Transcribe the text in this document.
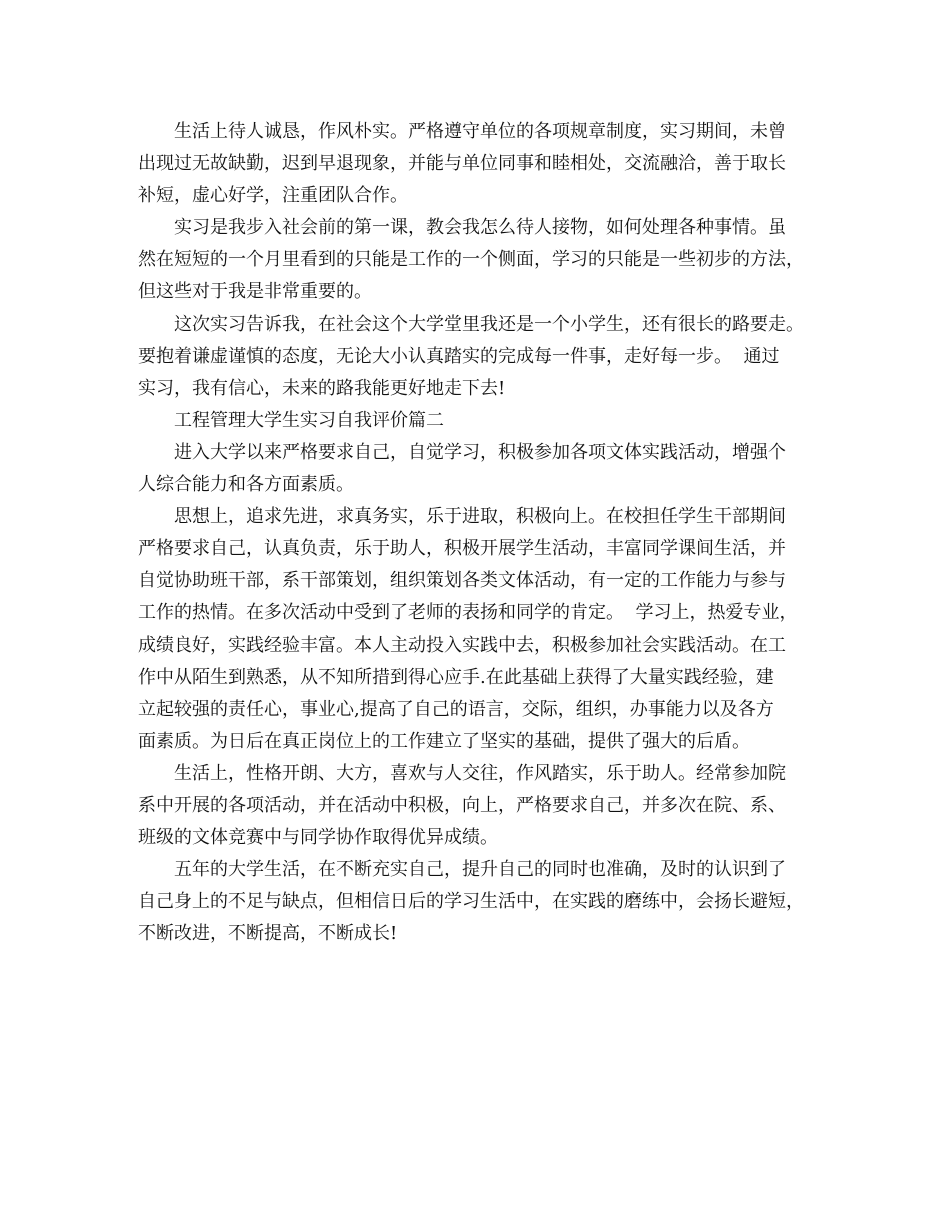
生活上待人诚恳，作风朴实。严格遵守单位的各项规章制度，实习期间，未曾
出现过无故缺勤，迟到早退现象，并能与单位同事和睦相处，交流融洽，善于取长
补短，虚心好学，注重团队合作。
实习是我步入社会前的第一课，教会我怎么待人接物，如何处理各种事情。虽
然在短短的一个月里看到的只能是工作的一个侧面，学习的只能是一些初步的方法，
但这些对于我是非常重要的。
这次实习告诉我，在社会这个大学堂里我还是一个小学生，还有很长的路要走。
要抱着谦虚谨慎的态度，无论大小认真踏实的完成每一件事，走好每一步。  通过
实习，我有信心，未来的路我能更好地走下去!
工程管理大学生实习自我评价篇二
进入大学以来严格要求自己，自觉学习，积极参加各项文体实践活动，增强个
人综合能力和各方面素质。
思想上，追求先进，求真务实，乐于进取，积极向上。在校担任学生干部期间
严格要求自己，认真负责，乐于助人，积极开展学生活动，丰富同学课间生活，并
自觉协助班干部，系干部策划，组织策划各类文体活动，有一定的工作能力与参与
工作的热情。在多次活动中受到了老师的表扬和同学的肯定。  学习上，热爱专业，
成绩良好，实践经验丰富。本人主动投入实践中去，积极参加社会实践活动。在工
作中从陌生到熟悉，从不知所措到得心应手.在此基础上获得了大量实践经验，建
立起较强的责任心，事业心,提高了自己的语言，交际，组织，办事能力以及各方
面素质。为日后在真正岗位上的工作建立了坚实的基础，提供了强大的后盾。
生活上，性格开朗、大方，喜欢与人交往，作风踏实，乐于助人。经常参加院
系中开展的各项活动，并在活动中积极，向上，严格要求自己，并多次在院、系、
班级的文体竞赛中与同学协作取得优异成绩。
五年的大学生活，在不断充实自己，提升自己的同时也准确，及时的认识到了
自己身上的不足与缺点，但相信日后的学习生活中，在实践的磨练中，会扬长避短，
不断改进，不断提高，不断成长!
